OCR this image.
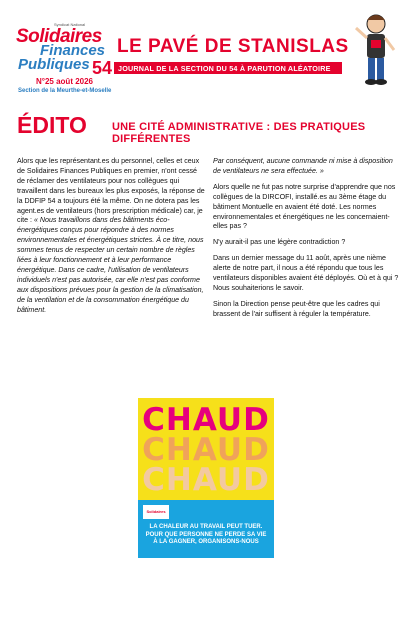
Syndicat National
Solidaires
Finances
Publiques 54
N°25 août 2026
Section de la Meurthe-et-Moselle
LE PAVÉ DE STANISLAS
JOURNAL DE LA SECTION DU 54 À PARUTION ALÉATOIRE
ÉDITO UNE CITÉ ADMINISTRATIVE : DES PRATIQUES DIFFÉRENTES

Alors que les représentant.es du personnel, celles et ceux de Solidaires Finances Publiques en premier, n'ont cessé de réclamer des ventilateurs pour nos collègues qui travaillent dans les bureaux les plus exposés, la réponse de la DDFIP 54 a toujours été la même. On ne dotera pas les agent.es de ventilateurs (hors prescription médicale) car, je cite : « Nous travaillons dans des bâtiments éco-énergétiques conçus pour répondre à des normes environnementales et énergétiques strictes. À ce titre, nous sommes tenus de respecter un certain nombre de règles liées à leur fonctionnement et à leur performance énergétique. Dans ce cadre, l'utilisation de ventilateurs individuels n'est pas autorisée, car elle n'est pas conforme aux dispositions prévues pour la gestion de la climatisation, de la ventilation et de la consommation énergétique du bâtiment.

Par conséquent, aucune commande ni mise à disposition de ventilateurs ne sera effectuée. »

Alors quelle ne fut pas notre surprise d'apprendre que nos collègues de la DIRCOFI, installé.es au 3ème étage du bâtiment Montuelle en avaient été doté. Les normes environnementales et énergétiques ne les concernaient-elles pas ?

N'y aurait-il pas une légère contradiction ?

Dans un dernier message du 11 août, après une nième alerte de notre part, il nous a été répondu que tous les ventilateurs disponibles avaient été déployés. Où et à qui ? Nous souhaiterions le savoir.

Sinon la Direction pense peut-être que les cadres qui brassent de l'air suffisent à réguler la température.

CHAUD
CHAUD
CHAUD
Solidaires
LA CHALEUR AU TRAVAIL PEUT TUER. POUR QUE PERSONNE NE PERDE SA VIE À LA GAGNER, ORGANISONS-NOUS
